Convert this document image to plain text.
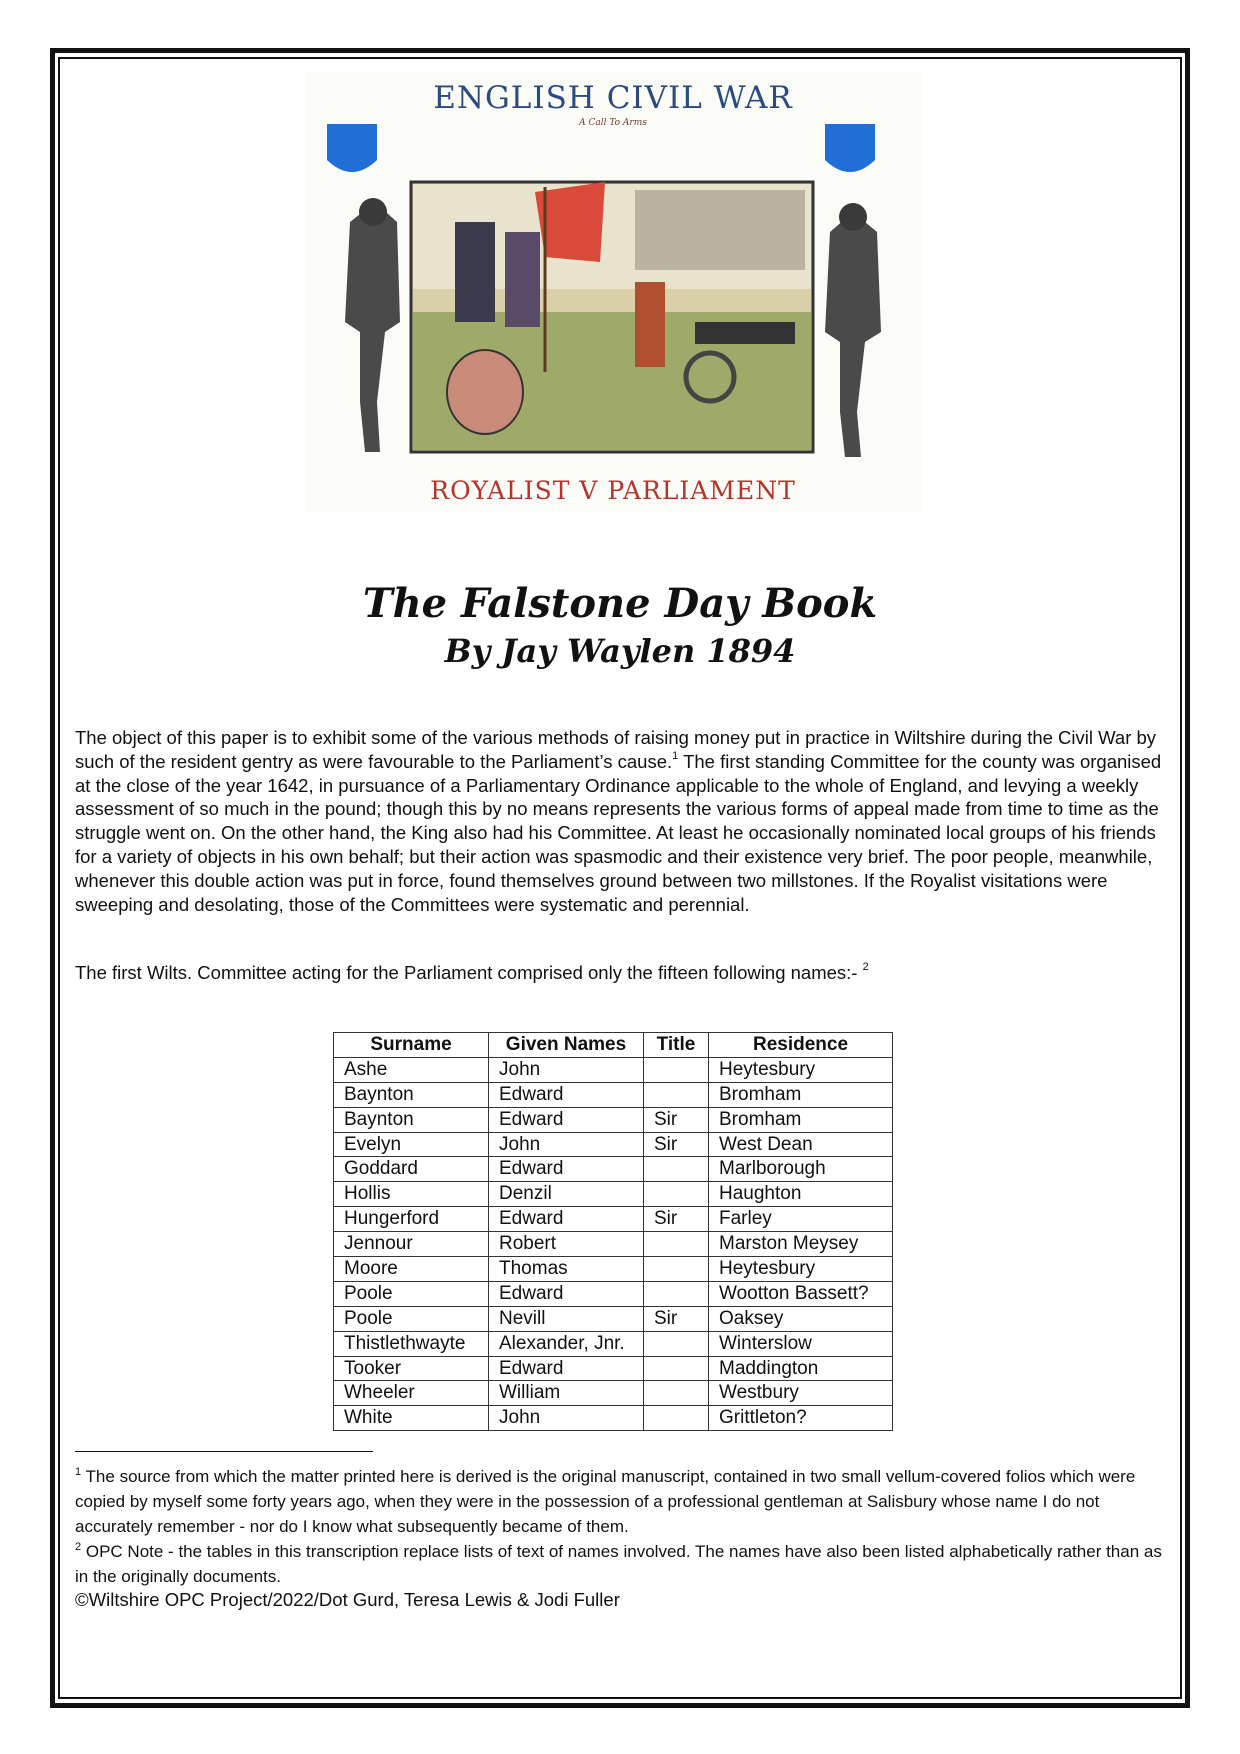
ENGLISH CIVIL WAR
A Call To Arms
ROYALIST V PARLIAMENT
The Falstone Day Book
By Jay Waylen 1894
The object of this paper is to exhibit some of the various methods of raising money put in practice in Wiltshire during the Civil War by such of the resident gentry as were favourable to the Parliament’s cause.$^1$ The first standing Committee for the county was organised at the close of the year 1642, in pursuance of a Parliamentary Ordinance applicable to the whole of England, and levying a weekly assessment of so much in the pound; though this by no means represents the various forms of appeal made from time to time as the struggle went on. On the other hand, the King also had his Committee. At least he occasionally nominated local groups of his friends for a variety of objects in his own behalf; but their action was spasmodic and their existence very brief. The poor people, meanwhile, whenever this double action was put in force, found themselves ground between two millstones. If the Royalist visitations were sweeping and desolating, those of the Committees were systematic and perennial.
The first Wilts. Committee acting for the Parliament comprised only the fifteen following names:- $^2$
Surname	Given Names	Title	Residence
Ashe	John		Heytesbury
Baynton	Edward		Bromham
Baynton	Edward	Sir	Bromham
Evelyn	John	Sir	West Dean
Goddard	Edward		Marlborough
Hollis	Denzil		Haughton
Hungerford	Edward	Sir	Farley
Jennour	Robert		Marston Meysey
Moore	Thomas		Heytesbury
Poole	Edward		Wootton Bassett?
Poole	Nevill	Sir	Oaksey
Thistlethwayte	Alexander, Jnr.		Winterslow
Tooker	Edward		Maddington
Wheeler	William		Westbury
White	John		Grittleton?

$^1$ The source from which the matter printed here is derived is the original manuscript, contained in two small vellum-covered folios which were copied by myself some forty years ago, when they were in the possession of a professional gentleman at Salisbury whose name I do not accurately remember - nor do I know what subsequently became of them.

$^2$ OPC Note - the tables in this transcription replace lists of text of names involved. The names have also been listed alphabetically rather than as in the originally documents.

©Wiltshire OPC Project/2022/Dot Gurd, Teresa Lewis & Jodi Fuller
